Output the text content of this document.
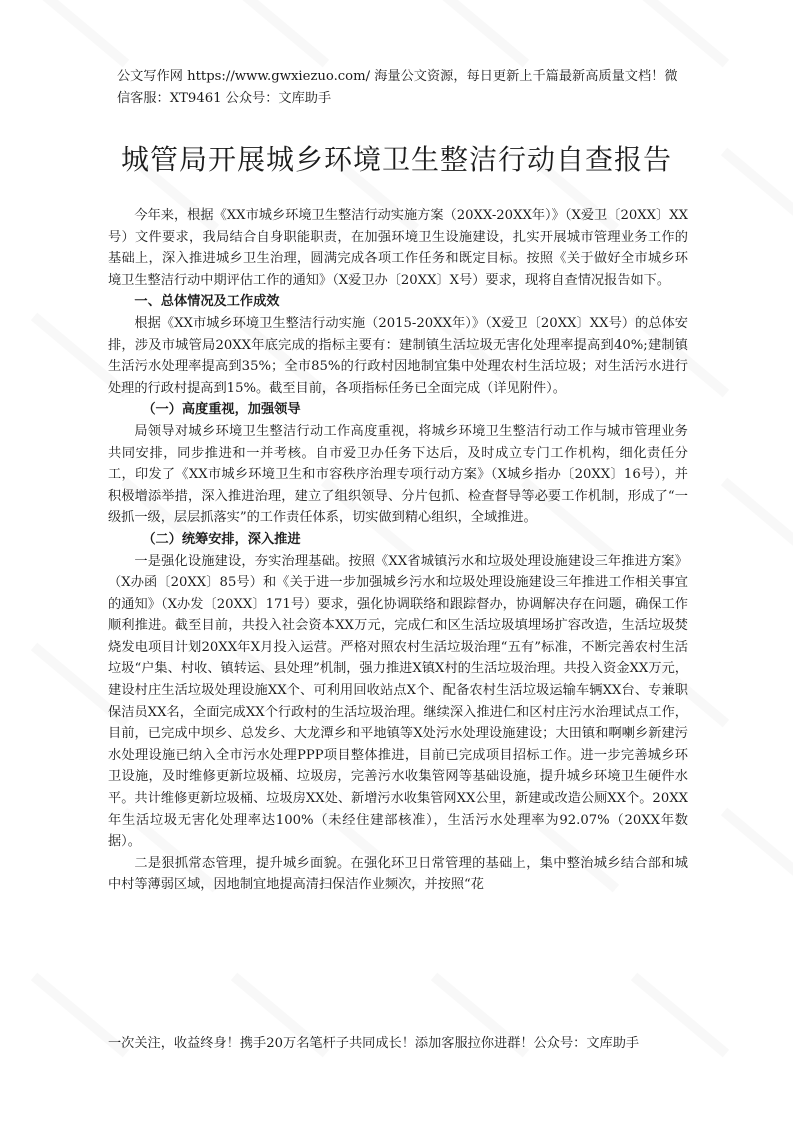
公文写作网 https://www.gwxiezuo.com/ 海量公文资源，每日更新上千篇最新高质量文档！微信客服：XT9461 公众号：文库助手
城管局开展城乡环境卫生整洁行动自查报告

今年来，根据《XX市城乡环境卫生整洁行动实施方案（20XX-20XX年）》（X爱卫〔20XX〕XX号）文件要求，我局结合自身职能职责，在加强环境卫生设施建设，扎实开展城市管理业务工作的基础上，深入推进城乡卫生治理，圆满完成各项工作任务和既定目标。按照《关于做好全市城乡环境卫生整洁行动中期评估工作的通知》（X爱卫办〔20XX〕X号）要求，现将自查情况报告如下。

一、总体情况及工作成效

根据《XX市城乡环境卫生整洁行动实施（2015-20XX年）》（X爱卫〔20XX〕XX号）的总体安排，涉及市城管局20XX年底完成的指标主要有：建制镇生活垃圾无害化处理率提高到40%;建制镇生活污水处理率提高到35%；全市85%的行政村因地制宜集中处理农村生活垃圾；对生活污水进行处理的行政村提高到15%。截至目前，各项指标任务已全面完成（详见附件）。

（一）高度重视，加强领导

局领导对城乡环境卫生整洁行动工作高度重视，将城乡环境卫生整洁行动工作与城市管理业务共同安排，同步推进和一并考核。自市爱卫办任务下达后，及时成立专门工作机构，细化责任分工，印发了《XX市城乡环境卫生和市容秩序治理专项行动方案》（X城乡指办〔20XX〕16号），并积极增添举措，深入推进治理，建立了组织领导、分片包抓、检查督导等必要工作机制，形成了“一级抓一级，层层抓落实”的工作责任体系，切实做到精心组织，全域推进。

（二）统筹安排，深入推进

一是强化设施建设，夯实治理基础。按照《XX省城镇污水和垃圾处理设施建设三年推进方案》（X办函〔20XX〕85号）和《关于进一步加强城乡污水和垃圾处理设施建设三年推进工作相关事宜的通知》（X办发〔20XX〕171号）要求，强化协调联络和跟踪督办，协调解决存在问题，确保工作顺利推进。截至目前，共投入社会资本XX万元，完成仁和区生活垃圾填埋场扩容改造，生活垃圾焚烧发电项目计划20XX年X月投入运营。严格对照农村生活垃圾治理“五有”标准，不断完善农村生活垃圾“户集、村收、镇转运、县处理”机制，强力推进X镇X村的生活垃圾治理。共投入资金XX万元，建设村庄生活垃圾处理设施XX个、可利用回收站点X个、配备农村生活垃圾运输车辆XX台、专兼职保洁员XX名，全面完成XX个行政村的生活垃圾治理。继续深入推进仁和区村庄污水治理试点工作，目前，已完成中坝乡、总发乡、大龙潭乡和平地镇等X处污水处理设施建设；大田镇和啊喇乡新建污水处理设施已纳入全市污水处理PPP项目整体推进，目前已完成项目招标工作。进一步完善城乡环卫设施，及时维修更新垃圾桶、垃圾房，完善污水收集管网等基础设施，提升城乡环境卫生硬件水平。共计维修更新垃圾桶、垃圾房XX处、新增污水收集管网XX公里，新建或改造公厕XX个。20XX年生活垃圾无害化处理率达100%（未经住建部核准），生活污水处理率为92.07%（20XX年数据）。

二是狠抓常态管理，提升城乡面貌。在强化环卫日常管理的基础上，集中整治城乡结合部和城中村等薄弱区域，因地制宜地提高清扫保洁作业频次，并按照“花

一次关注，收益终身！携手20万名笔杆子共同成长！添加客服拉你进群！公众号：文库助手
